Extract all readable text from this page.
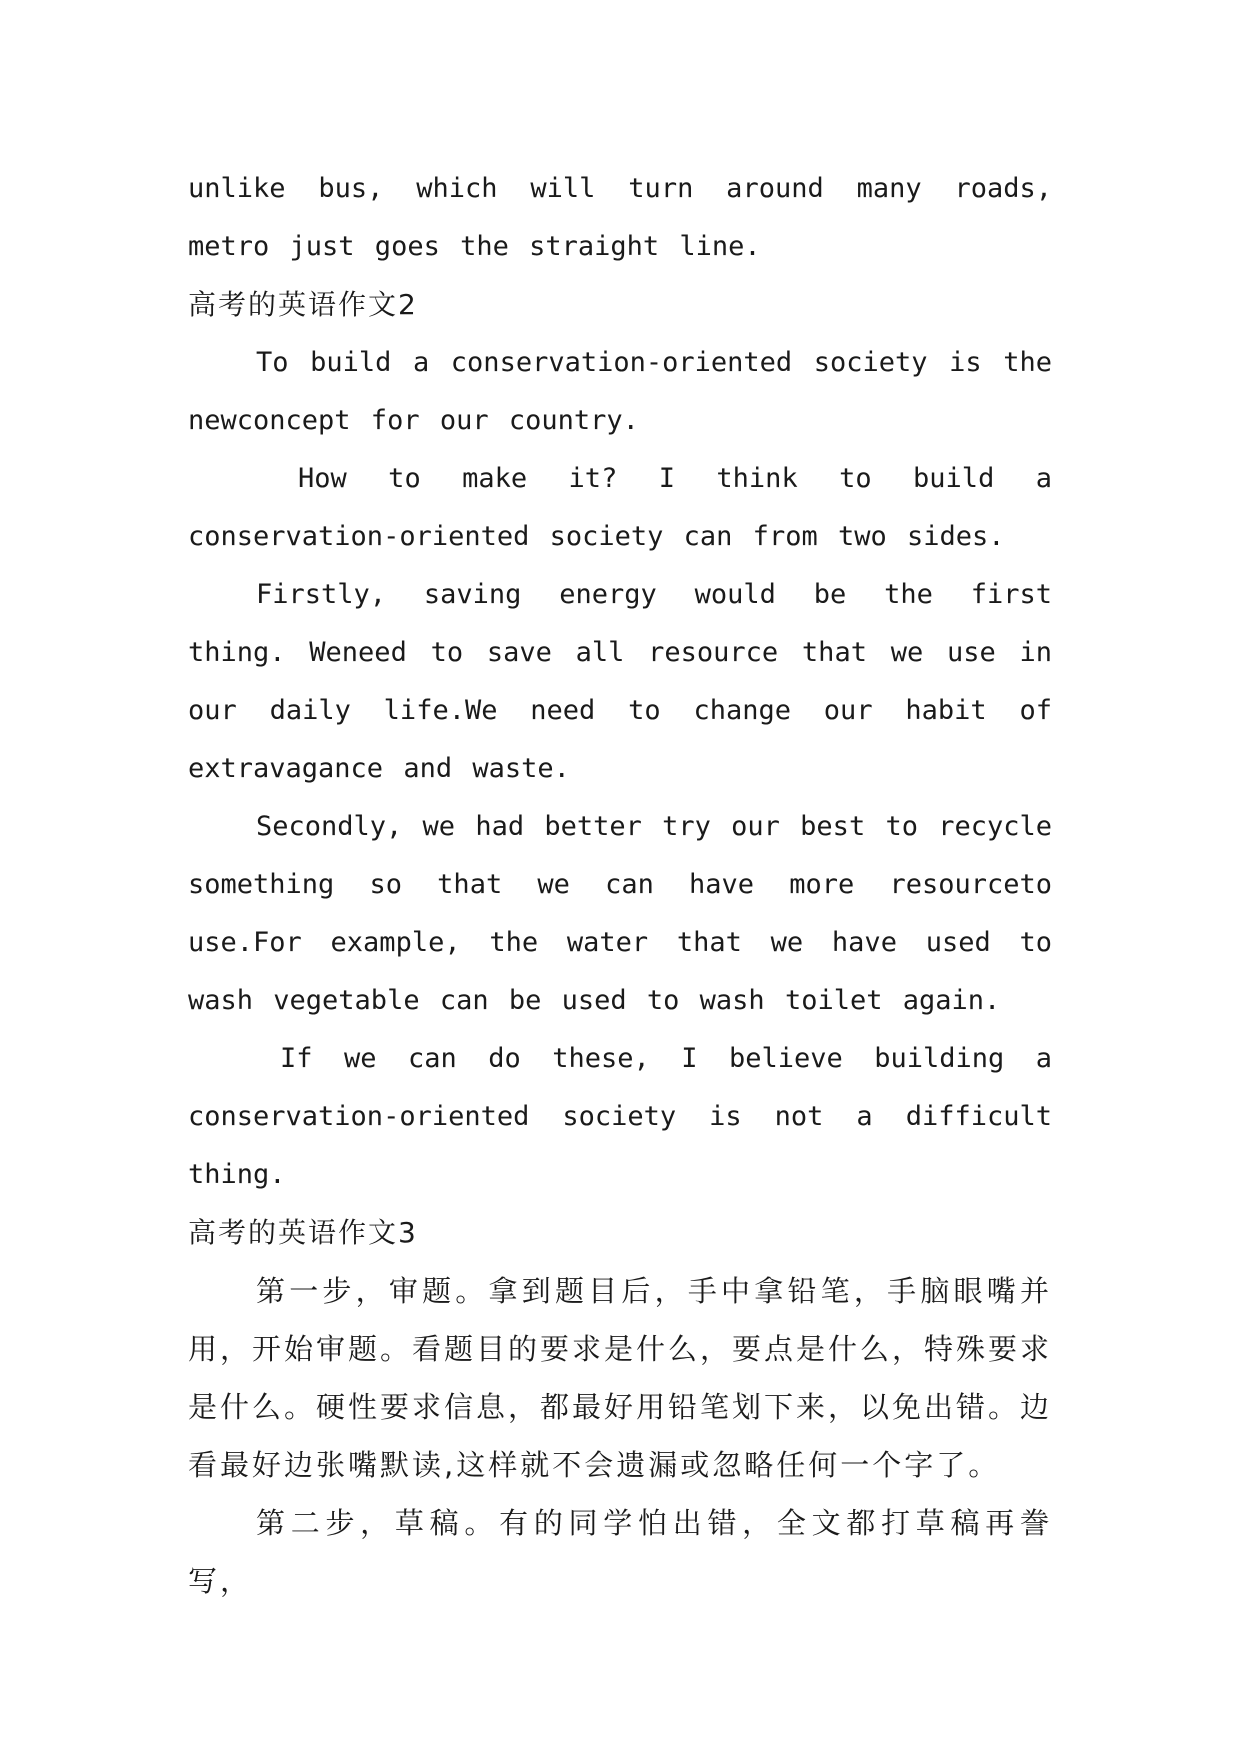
unlike bus, which will turn around many roads, metro just goes the straight line.

高考的英语作文2

To build a conservation-oriented society is the newconcept for our country.

How to make it? I think to build a conservation-oriented society can from two sides.

Firstly, saving energy would be the first thing. Weneed to save all resource that we use in our daily life.We need to change our habit of extravagance and waste.

Secondly, we had better try our best to recycle something so that we can have more resourceto use.For example, the water that we have used to wash vegetable can be used to wash toilet again.

If we can do these, I believe building a conservation-oriented society is not a difficult thing.

高考的英语作文3

第一步，审题。拿到题目后，手中拿铅笔，手脑眼嘴并用，开始审题。看题目的要求是什么，要点是什么，特殊要求是什么。硬性要求信息，都最好用铅笔划下来，以免出错。边看最好边张嘴默读,这样就不会遗漏或忽略任何一个字了。

第二步，草稿。有的同学怕出错，全文都打草稿再誊写，
